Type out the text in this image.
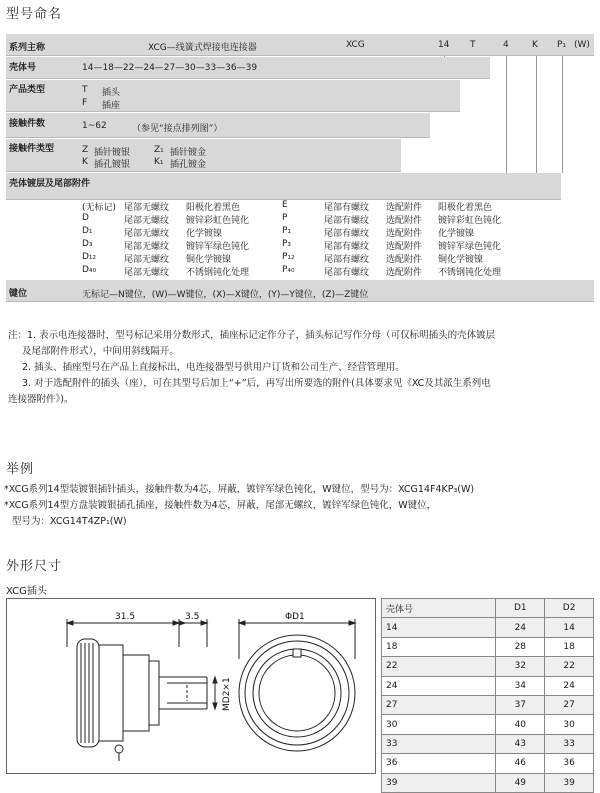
型号命名
系列主称	XCG—线簧式焊接电连接器	XCG	14 T	4	K P₁ (W)
壳体号	14—18—22—24—27—30—33—36—39
产品类型	T 插头
F 插座
接触件数	1~62	（参见“接点排列图”）
接触件类型	Z 插针镀银	Z₁ 插针镀金
K 插孔镀银	K₁ 插孔镀金
壳体镀层及尾部附件
(无标记) 尾部无螺纹 阳极化着黑色	E	尾部有螺纹 选配附件 阳极化着黑色
D	尾部无螺纹 镀锌彩虹色钝化	P	尾部有螺纹 选配附件 镀锌彩虹色钝化
D₁	尾部无螺纹 化学镀镍	P₁	尾部有螺纹 选配附件 化学镀镍
D₃	尾部无螺纹 镀锌军绿色钝化	P₃	尾部有螺纹 选配附件 镀锌军绿色钝化
D₁₂	尾部无螺纹 铜化学镀镍	P₁₂	尾部有螺纹 选配附件 铜化学镀镍
D₄₀	尾部无螺纹 不锈钢钝化处理	P₄₀	尾部有螺纹 选配附件 不锈钢钝化处理
键位	无标记—N键位，(W)—W键位，(X)—X键位，(Y)—Y键位，(Z)—Z键位
注：1. 表示电连接器时，型号标记采用分数形式，插座标记定作分子，插头标记写作分母（可仅标明插头的壳体镀层
及尾部附件形式），中间用斜线隔开。
2. 插头、插座型号在产品上直接标出，电连接器型号供用户订货和公司生产、经营管理用。
3. 对于选配附件的插头（座），可在其型号后加上“+”后，再写出所要选的附件(具体要求见《XC及其派生系列电
连接器附件》)。
举例
*XCG系列14型装镀银插针插头，接触件数为4芯，屏蔽，镀锌军绿色钝化，W键位，型号为：XCG14F4KP₃(W)
*XCG系列14型方盘装镀银插孔插座，接触件数为4芯，屏蔽，尾部无螺纹，镀锌军绿色钝化，W键位，
型号为：XCG14T4ZP₁(W)
外形尺寸
XCG插头
31.5	3.5	ΦD1
MD2×1
壳体号	D1	D2
14	24	14
18	28	18
22	32	22
24	34	24
27	37	27
30	40	30
33	43	33
36	46	36
39	49	39
